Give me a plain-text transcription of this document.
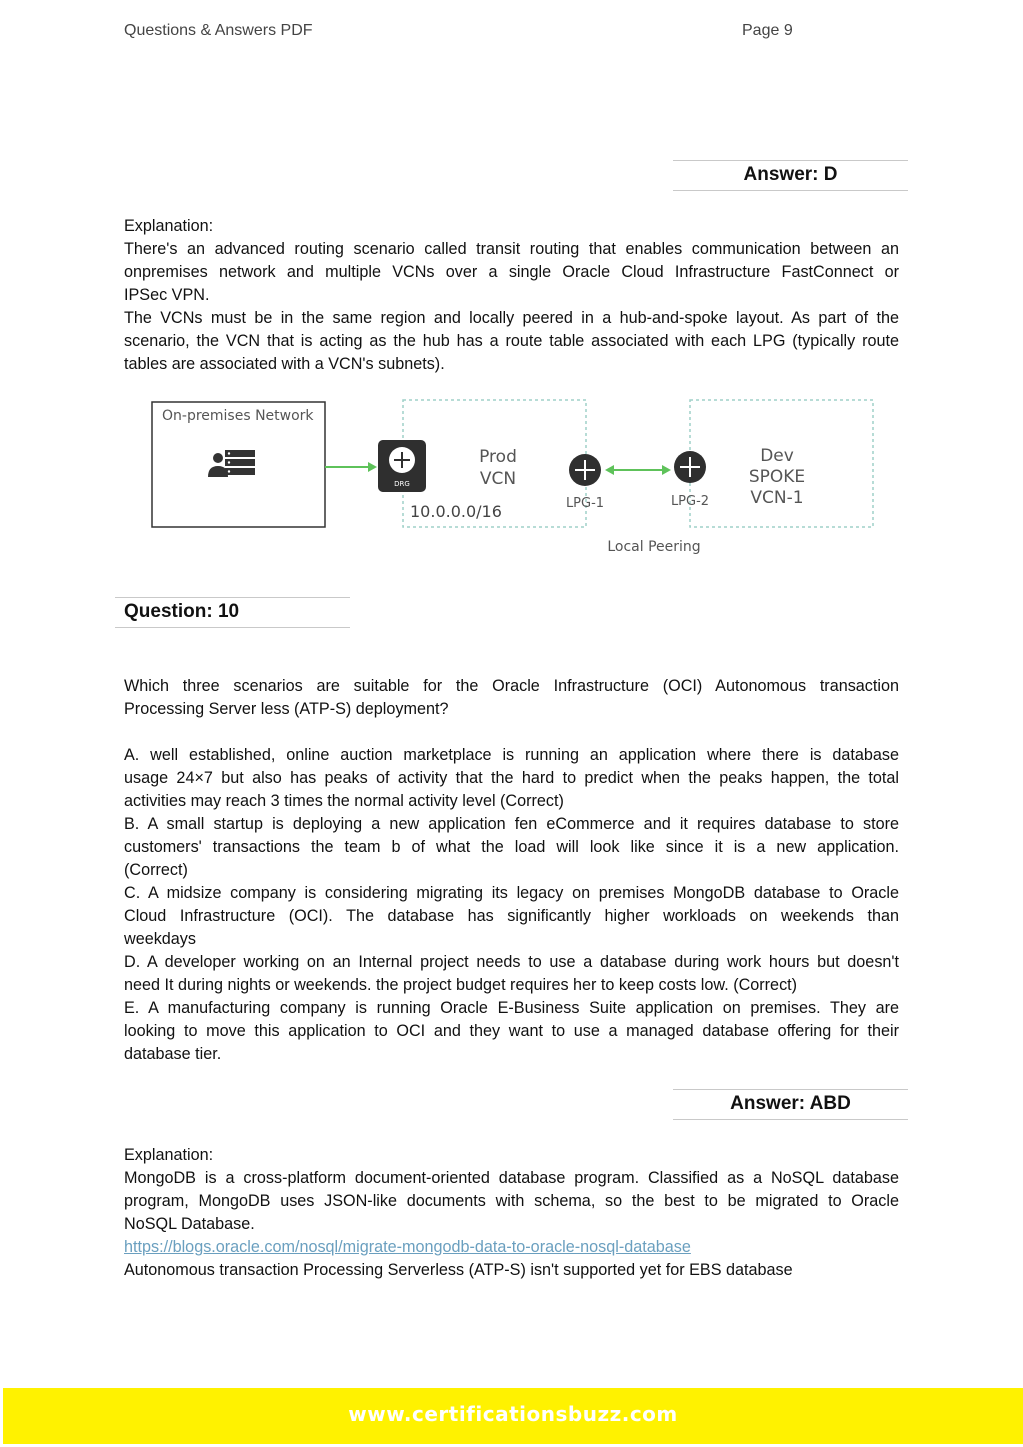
Questions & Answers PDF	Page 9
Answer: D
Explanation:
There's an advanced routing scenario called transit routing that enables communication between an
onpremises network and multiple VCNs over a single Oracle Cloud Infrastructure FastConnect or
IPSec VPN.
The VCNs must be in the same region and locally peered in a hub-and-spoke layout. As part of the
scenario, the VCN that is acting as the hub has a route table associated with each LPG (typically route
tables are associated with a VCN's subnets).
On-premises Network
DRG
Prod
VCN
10.0.0.0/16	LPG-1	LPG-2
Dev
SPOKE
VCN-1
Local Peering
Question: 10
Which three scenarios are suitable for the Oracle Infrastructure (OCI) Autonomous transaction
Processing Server less (ATP-S) deployment?
A. well established, online auction marketplace is running an application where there is database
usage 24×7 but also has peaks of activity that the hard to predict when the peaks happen, the total
activities may reach 3 times the normal activity level (Correct)
B. A small startup is deploying a new application fen eCommerce and it requires database to store
customers' transactions the team b of what the load will look like since it is a new application.
(Correct)
C. A midsize company is considering migrating its legacy on premises MongoDB database to Oracle
Cloud Infrastructure (OCI). The database has significantly higher workloads on weekends than
weekdays
D. A developer working on an Internal project needs to use a database during work hours but doesn't
need It during nights or weekends. the project budget requires her to keep costs low. (Correct)
E. A manufacturing company is running Oracle E-Business Suite application on premises. They are
looking to move this application to OCI and they want to use a managed database offering for their
database tier.
Answer: ABD
Explanation:
MongoDB is a cross-platform document-oriented database program. Classified as a NoSQL database
program, MongoDB uses JSON-like documents with schema, so the best to be migrated to Oracle
NoSQL Database.
https://blogs.oracle.com/nosql/migrate-mongodb-data-to-oracle-nosql-database
Autonomous transaction Processing Serverless (ATP-S) isn't supported yet for EBS database
www.certificationsbuzz.com
